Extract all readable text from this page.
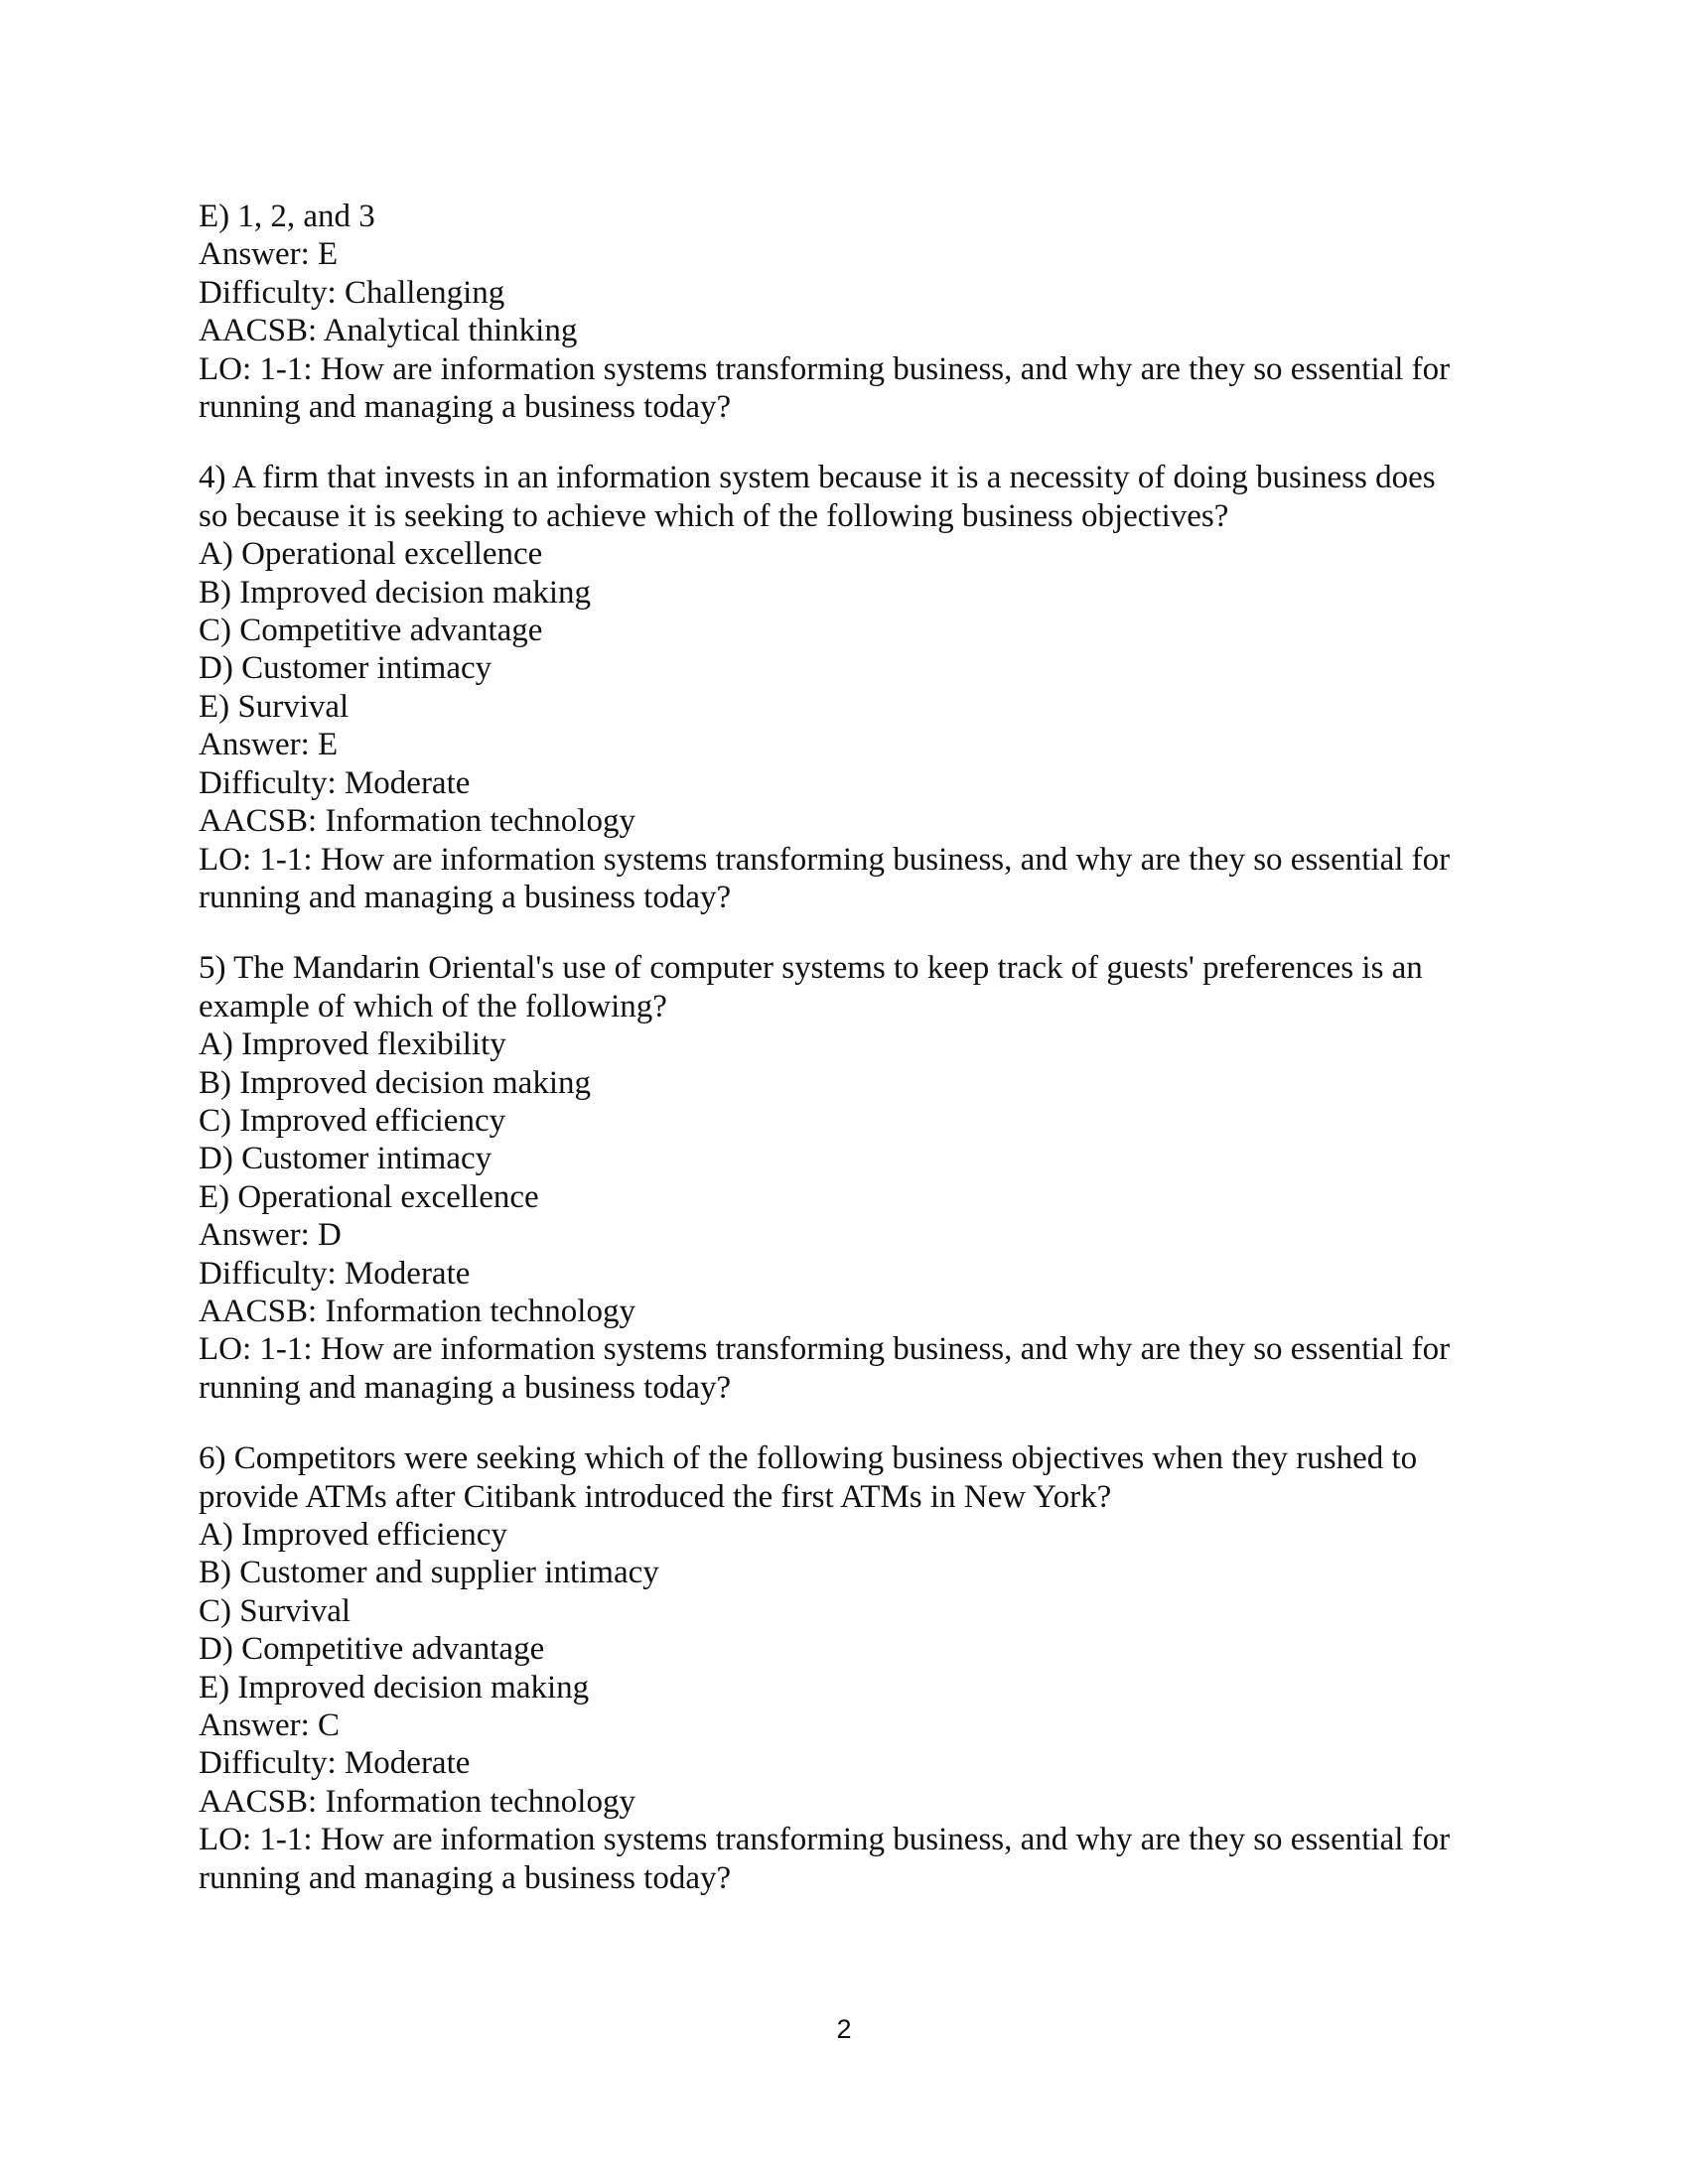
E) 1, 2, and 3
Answer: E
Difficulty: Challenging
AACSB: Analytical thinking
LO: 1-1: How are information systems transforming business, and why are they so essential for
running and managing a business today?
4) A firm that invests in an information system because it is a necessity of doing business does
so because it is seeking to achieve which of the following business objectives?
A) Operational excellence
B) Improved decision making
C) Competitive advantage
D) Customer intimacy
E) Survival
Answer: E
Difficulty: Moderate
AACSB: Information technology
LO: 1-1: How are information systems transforming business, and why are they so essential for
running and managing a business today?
5) The Mandarin Oriental's use of computer systems to keep track of guests' preferences is an
example of which of the following?
A) Improved flexibility
B) Improved decision making
C) Improved efficiency
D) Customer intimacy
E) Operational excellence
Answer: D
Difficulty: Moderate
AACSB: Information technology
LO: 1-1: How are information systems transforming business, and why are they so essential for
running and managing a business today?
6) Competitors were seeking which of the following business objectives when they rushed to
provide ATMs after Citibank introduced the first ATMs in New York?
A) Improved efficiency
B) Customer and supplier intimacy
C) Survival
D) Competitive advantage
E) Improved decision making
Answer: C
Difficulty: Moderate
AACSB: Information technology
LO: 1-1: How are information systems transforming business, and why are they so essential for
running and managing a business today?
2
